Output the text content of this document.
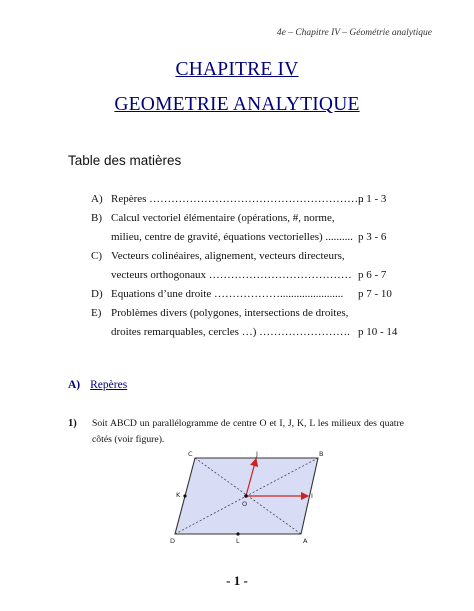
4e – Chapitre IV – Géométrie analytique
CHAPITRE IV
GEOMETRIE ANALYTIQUE
Table des matières
A) Repères …………………………………………………..
B) Calcul vectoriel élémentaire (opérations, #, norme,
milieu, centre de gravité, équations vectorielles) ..........
C) Vecteurs colinéaires, alignement, vecteurs directeurs,
vecteurs orthogonaux …………………………………
D) Equations d’une droite ……………….......................
E) Problèmes divers (polygones, intersections de droites,
droites remarquables, cercles …) …………………….
p 1 - 3
p 3 - 6
p 6 - 7
p 7 - 10
p 10 - 14
A) Repères
1) Soit ABCD un parallélogramme de centre O et I, J, K, L les milieux des quatre côtés (voir figure).
C	B
A
D
J
I
K
L
O
- 1 -
